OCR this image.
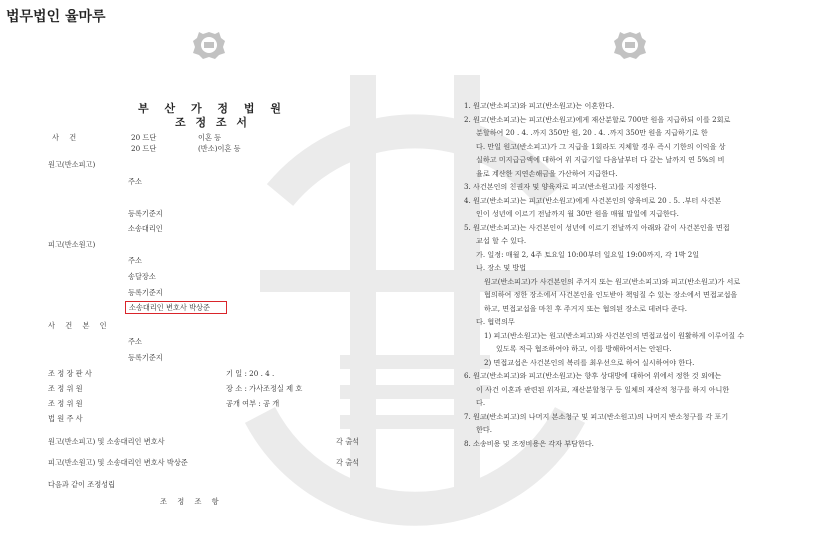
법무법인 율마루
부 산 가 정 법 원
조 정 조 서
사 건	20 드단	이혼 등
20 드단	(반소)이혼 등
원고(반소피고)
주소
등록기준지
소송대리인
피고(반소원고)
주소
송달장소
등록기준지
소송대리인 변호사 박상준
사 건 본 인
주소
등록기준지
조 정 장 판 사
조 정 위 원
조 정 위 원
법 원 주 사
기 일 : 20 . 4 .
장 소 : 가사조정실 제 호
공개 여부 : 공 개
원고(반소피고) 및 소송대리인 변호사	각 출석
피고(반소원고) 및 소송대리인 변호사 박상준	각 출석
다음과 같이 조정성립
조 정 조 항
1. 원고(반소피고)와 피고(반소원고)는 이혼한다.
2. 원고(반소피고)는 피고(반소원고)에게 재산분할로 700만 원을 지급하되 이를 2회로
분할하여 20 . 4. .까지 350만 원, 20 . 4. .까지 350만 원을 지급하기로 한
다. 만일 원고(반소피고)가 그 지급을 1회라도 지체할 경우 즉시 기한의 이익을 상
실하고 미지급금액에 대하여 위 지급기일 다음날부터 다 갚는 날까지 연 5%의 비
율로 계산한 지연손해금을 가산하여 지급한다.
3. 사건본인의 친권자 및 양육자로 피고(반소원고)를 지정한다.
4. 원고(반소피고)는 피고(반소원고)에게 사건본인의 양육비로 20 . 5. .부터 사건본
인이 성년에 이르기 전날까지 월 30만 원을 매월 말일에 지급한다.
5. 원고(반소피고)는 사건본인이 성년에 이르기 전날까지 아래와 같이 사건본인을 면접
교섭 할 수 있다.
가. 일정: 매월 2, 4주 토요일 10:00부터 일요일 19:00까지, 각 1박 2일
나. 장소 및 방법
원고(반소피고)가 사건본인의 주거지 또는 원고(반소피고)와 피고(반소원고)가 서로
협의하여 정한 장소에서 사건본인을 인도받아 책임질 수 있는 장소에서 면접교섭을
하고, 면접교섭을 마친 후 주거지 또는 협의된 장소로 데려다 준다.
다. 협력의무
1) 피고(반소원고)는 원고(반소피고)와 사건본인의 면접교섭이 원활하게 이루어질 수
있도록 적극 협조하여야 하고, 이를 방해하여서는 안된다.
2) 면접교섭은 사건본인의 복리를 최우선으로 하여 실시하여야 한다.
6. 원고(반소피고)와 피고(반소원고)는 향후 상대방에 대하여 위에서 정한 것 외에는
이 사건 이혼과 관련된 위자료, 재산분할청구 등 일체의 재산적 청구를 하지 아니한
다.
7. 원고(반소피고)의 나머지 본소청구 및 피고(반소원고)의 나머지 반소청구를 각 포기
한다.
8. 소송비용 및 조정비용은 각자 부담한다.
